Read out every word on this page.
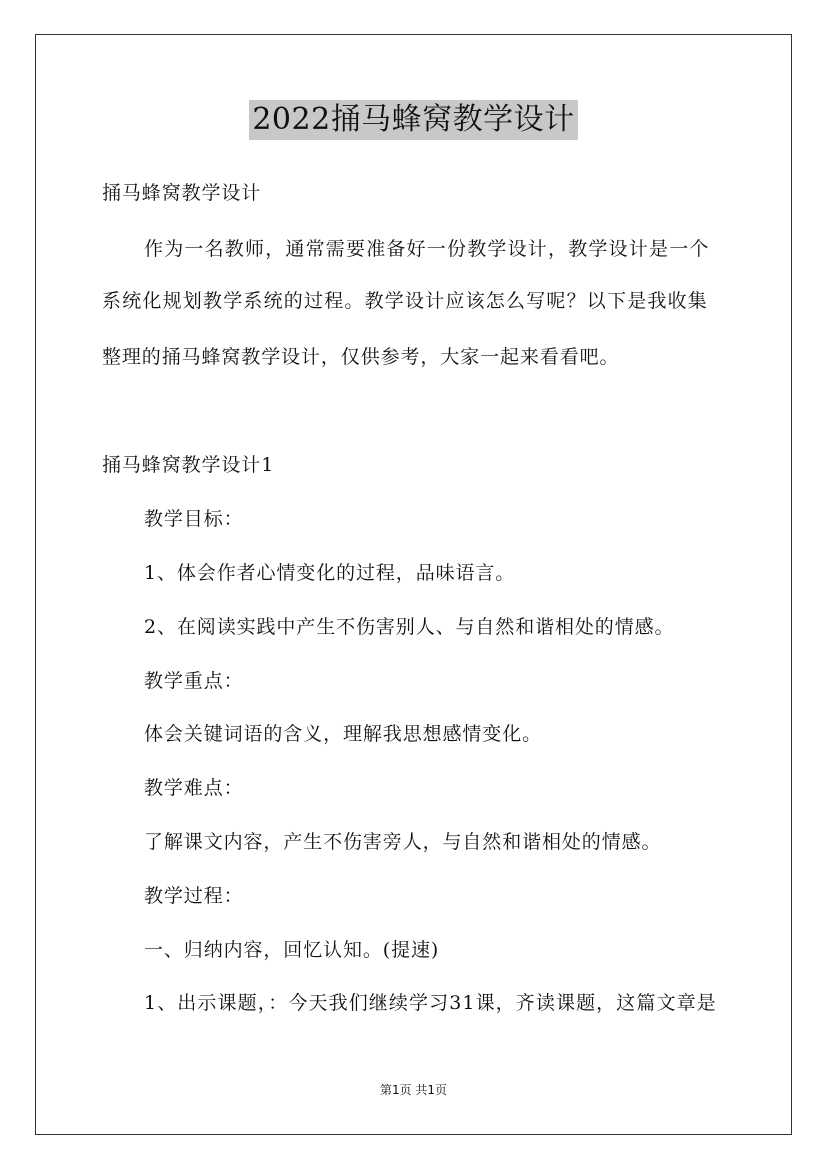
2022捅马蜂窝教学设计
捅马蜂窝教学设计
作为一名教师，通常需要准备好一份教学设计，教学设计是一个
系统化规划教学系统的过程。教学设计应该怎么写呢？以下是我收集
整理的捅马蜂窝教学设计，仅供参考，大家一起来看看吧。
捅马蜂窝教学设计1
教学目标：
1、体会作者心情变化的过程，品味语言。
2、在阅读实践中产生不伤害别人、与自然和谐相处的情感。
教学重点：
体会关键词语的含义，理解我思想感情变化。
教学难点：
了解课文内容，产生不伤害旁人，与自然和谐相处的情感。
教学过程：
一、归纳内容，回忆认知。(提速)
1、出示课题，：今天我们继续学习31课，齐读课题，这篇文章是
第1页 共1页
